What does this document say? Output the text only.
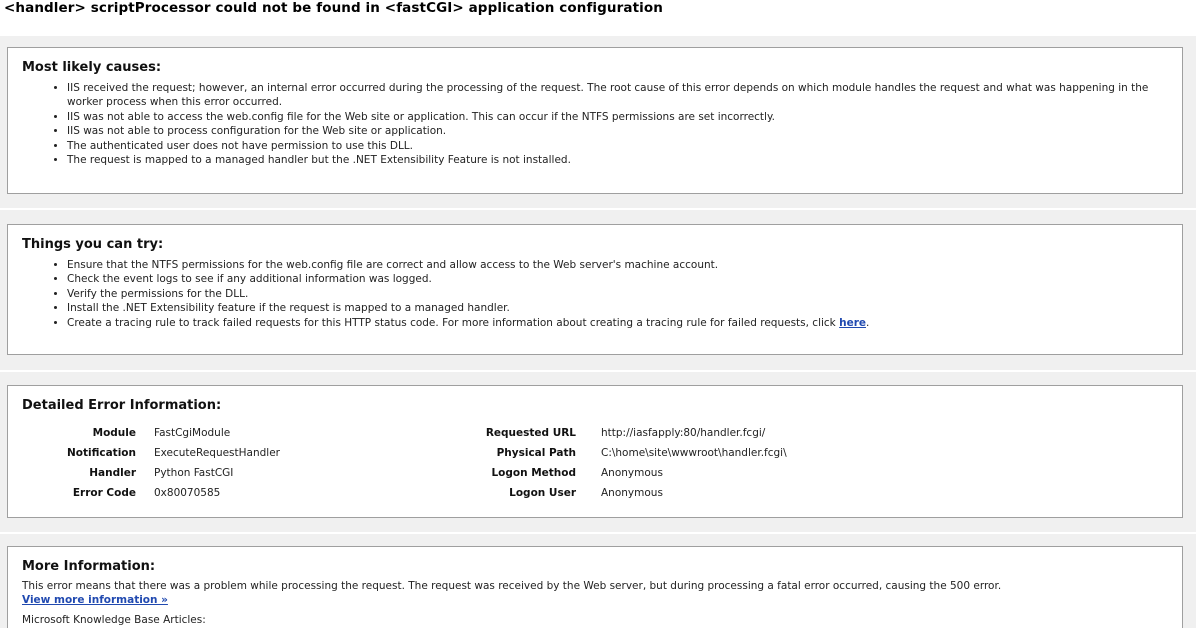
<handler> scriptProcessor could not be found in <fastCGI> application configuration
Most likely causes:
• IIS received the request; however, an internal error occurred during the processing of the request. The root cause of this error depends on which module handles the request and what was happening in the worker process when this error occurred.
• IIS was not able to access the web.config file for the Web site or application. This can occur if the NTFS permissions are set incorrectly.
• IIS was not able to process configuration for the Web site or application.
• The authenticated user does not have permission to use this DLL.
• The request is mapped to a managed handler but the .NET Extensibility Feature is not installed.
Things you can try:
• Ensure that the NTFS permissions for the web.config file are correct and allow access to the Web server's machine account.
• Check the event logs to see if any additional information was logged.
• Verify the permissions for the DLL.
• Install the .NET Extensibility feature if the request is mapped to a managed handler.
• Create a tracing rule to track failed requests for this HTTP status code. For more information about creating a tracing rule for failed requests, click here.
Detailed Error Information:
Module FastCgiModule	Requested URL http://iasfapply:80/handler.fcgi/
Notification ExecuteRequestHandler	Physical Path C:\home\site\wwwroot\handler.fcgi\
Handler Python FastCGI	Logon Method Anonymous
Error Code 0x80070585	Logon User Anonymous
More Information:
This error means that there was a problem while processing the request. The request was received by the Web server, but during processing a fatal error occurred, causing the 500 error.
View more information »
Microsoft Knowledge Base Articles:
